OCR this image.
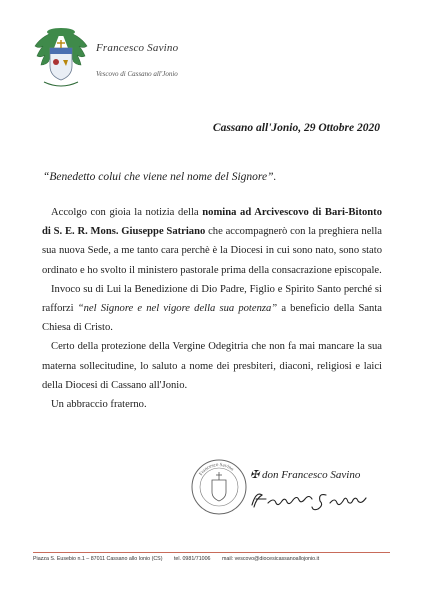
Francesco Savino
Vescovo di Cassano all'Jonio
Cassano all'Jonio, 29 Ottobre 2020
“Benedetto colui che viene nel nome del Signore”.

Accolgo con gioia la notizia della nomina ad Arcivescovo di Bari-Bitonto di S. E. R. Mons. Giuseppe Satriano che accompagnerò con la preghiera nella sua nuova Sede, a me tanto cara perchè è la Diocesi in cui sono nato, sono stato ordinato e ho svolto il ministero pastorale prima della consacrazione episcopale.

Invoco su di Lui la Benedizione di Dio Padre, Figlio e Spirito Santo perché si rafforzi “nel Signore e nel vigore della sua potenza” a beneficio della Santa Chiesa di Cristo.

Certo della protezione della Vergine Odegitria che non fa mai mancare la sua materna sollecitudine, lo saluto a nome dei presbiteri, diaconi, religiosi e laici della Diocesi di Cassano all'Jonio.

Un abbraccio fraterno.

Francesco Savino ✠ don Francesco Savino
Piazza S. Eusebio n.1 – 87011 Cassano allo Ionio (CS) tel. 0981/71006 mail: vescovo@diocesicassanoallojonio.it
